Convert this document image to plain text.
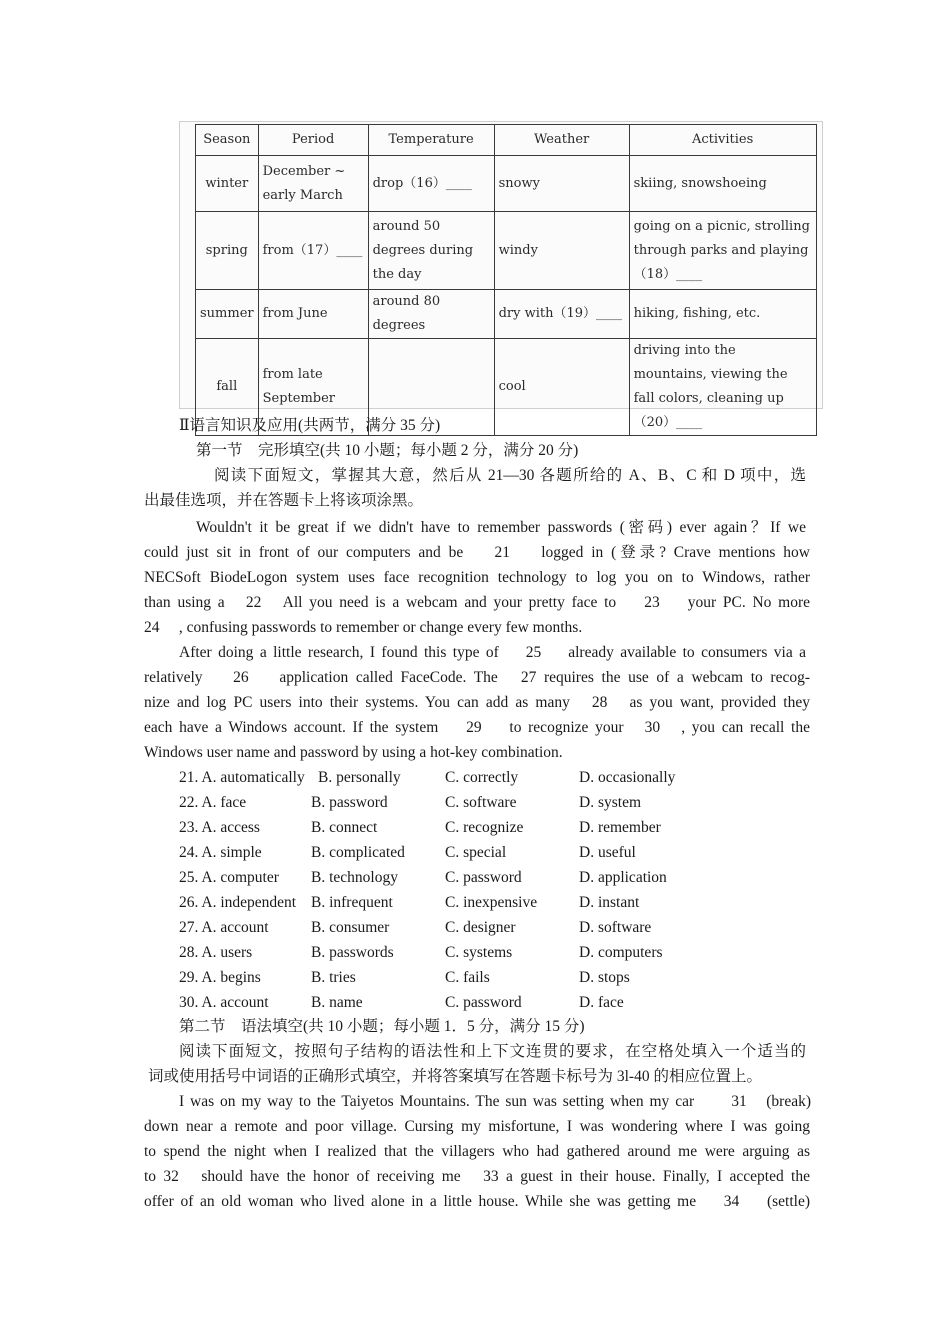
Season	Period	Temperature	Weather	Activities
winter	December ~ early March	drop（16）____	snowy	skiing, snowshoeing
spring	from（17）____	around 50 degrees during the day	windy	going on a picnic, strolling through parks and playing（18）____
summer	from June	around 80 degrees	dry with（19）____	hiking, fishing, etc.
fall	from late September		cool	driving into the mountains, viewing the fall colors, cleaning up（20）____
Ⅱ语言知识及应用(共两节，满分 35 分)
第一节　完形填空(共 10 小题；每小题 2 分，满分 20 分)
阅读下面短文，掌握其大意，然后从 21—30 各题所给的 A、B、C 和 D 项中，选
出最佳选项，并在答题卡上将该项涂黑。
Wouldn't it be great if we didn't have to remember passwords (密码) ever again？If we
could just sit in front of our computers and be　 21　 logged in (登录? Crave mentions how
NECSoft BiodeLogon system uses face recognition technology to log you on to Windows, rather
than using a　22　All you need is a webcam and your pretty face to　 23　 your PC. No more
24　 , confusing passwords to remember or change every few months.
After doing a little research, I found this type of　 25　 already available to consumers via a
relatively　 26　 application called FaceCode. The　27 requires the use of a webcam to recog-
nize and log PC users into their systems. You can add as many　28　as you want, provided they
each have a Windows account. If the system　 29　 to recognize your　30　, you can recall the
Windows user name and password by using a hot-key combination.
21. A. automatically B. personally	C. correctly	D. occasionally
22. A. face	B. password	C. software	D. system
23. A. access	B. connect	C. recognize	D. remember
24. A. simple	B. complicated	C. special	D. useful
25. A. computer B. technology	C. password	D. application
26. A. independent B. infrequent	C. inexpensive	D. instant
27. A. account	B. consumer	C. designer	D. software
28. A. users	B. passwords	C. systems	D. computers
29. A. begins	B. tries	C. fails	D. stops
30. A. account	B. name	C. password	D. face
第二节　语法填空(共 10 小题；每小题 1．5 分，满分 15 分)
阅读下面短文，按照句子结构的语法性和上下文连贯的要求，在空格处填入一个适当的
词或使用括号中词语的正确形式填空，并将答案填写在答题卡标号为 3l-40 的相应位置上。
I was on my way to the Taiyetos Mountains. The sun was setting when my car　　31　(break)
down near a remote and poor village. Cursing my misfortune, I was wondering where I was going
to spend the night when I realized that the villagers who had gathered around me were arguing as
to 32　should have the honor of receiving me　33 a guest in their house. Finally, I accepted the
offer of an old woman who lived alone in a little house. While she was getting me　 34　 (settle)
